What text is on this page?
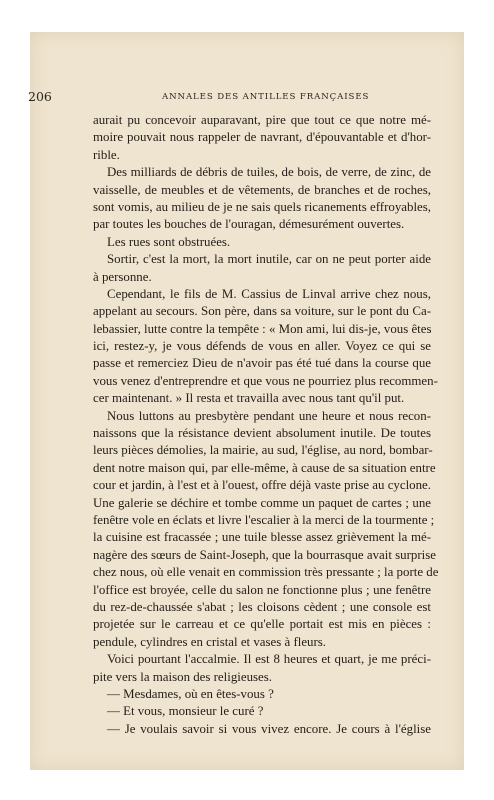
206	ANNALES DES ANTILLES FRANÇAISES
aurait pu concevoir auparavant, pire que tout ce que notre mé-
moire pouvait nous rappeler de navrant, d'épouvantable et d'hor-
rible.
Des milliards de débris de tuiles, de bois, de verre, de zinc, de
vaisselle, de meubles et de vêtements, de branches et de roches,
sont vomis, au milieu de je ne sais quels ricanements effroyables,
par toutes les bouches de l'ouragan, démesurément ouvertes.
Les rues sont obstruées.
Sortir, c'est la mort, la mort inutile, car on ne peut porter aide
à personne.
Cependant, le fils de M. Cassius de Linval arrive chez nous,
appelant au secours. Son père, dans sa voiture, sur le pont du Ca-
lebassier, lutte contre la tempête : « Mon ami, lui dis-je, vous êtes
ici, restez-y, je vous défends de vous en aller. Voyez ce qui se
passe et remerciez Dieu de n'avoir pas été tué dans la course que
vous venez d'entreprendre et que vous ne pourriez plus recommen-
cer maintenant. » Il resta et travailla avec nous tant qu'il put.
Nous luttons au presbytère pendant une heure et nous recon-
naissons que la résistance devient absolument inutile. De toutes
leurs pièces démolies, la mairie, au sud, l'église, au nord, bombar-
dent notre maison qui, par elle-même, à cause de sa situation entre
cour et jardin, à l'est et à l'ouest, offre déjà vaste prise au cyclone.
Une galerie se déchire et tombe comme un paquet de cartes ; une
fenêtre vole en éclats et livre l'escalier à la merci de la tourmente ;
la cuisine est fracassée ; une tuile blesse assez grièvement la mé-
nagère des sœurs de Saint-Joseph, que la bourrasque avait surprise
chez nous, où elle venait en commission très pressante ; la porte de
l'office est broyée, celle du salon ne fonctionne plus ; une fenêtre
du rez-de-chaussée s'abat ; les cloisons cèdent ; une console est
projetée sur le carreau et ce qu'elle portait est mis en pièces :
pendule, cylindres en cristal et vases à fleurs.
Voici pourtant l'accalmie. Il est 8 heures et quart, je me préci-
pite vers la maison des religieuses.
— Mesdames, où en êtes-vous ?
— Et vous, monsieur le curé ?
— Je voulais savoir si vous vivez encore. Je cours à l'église
